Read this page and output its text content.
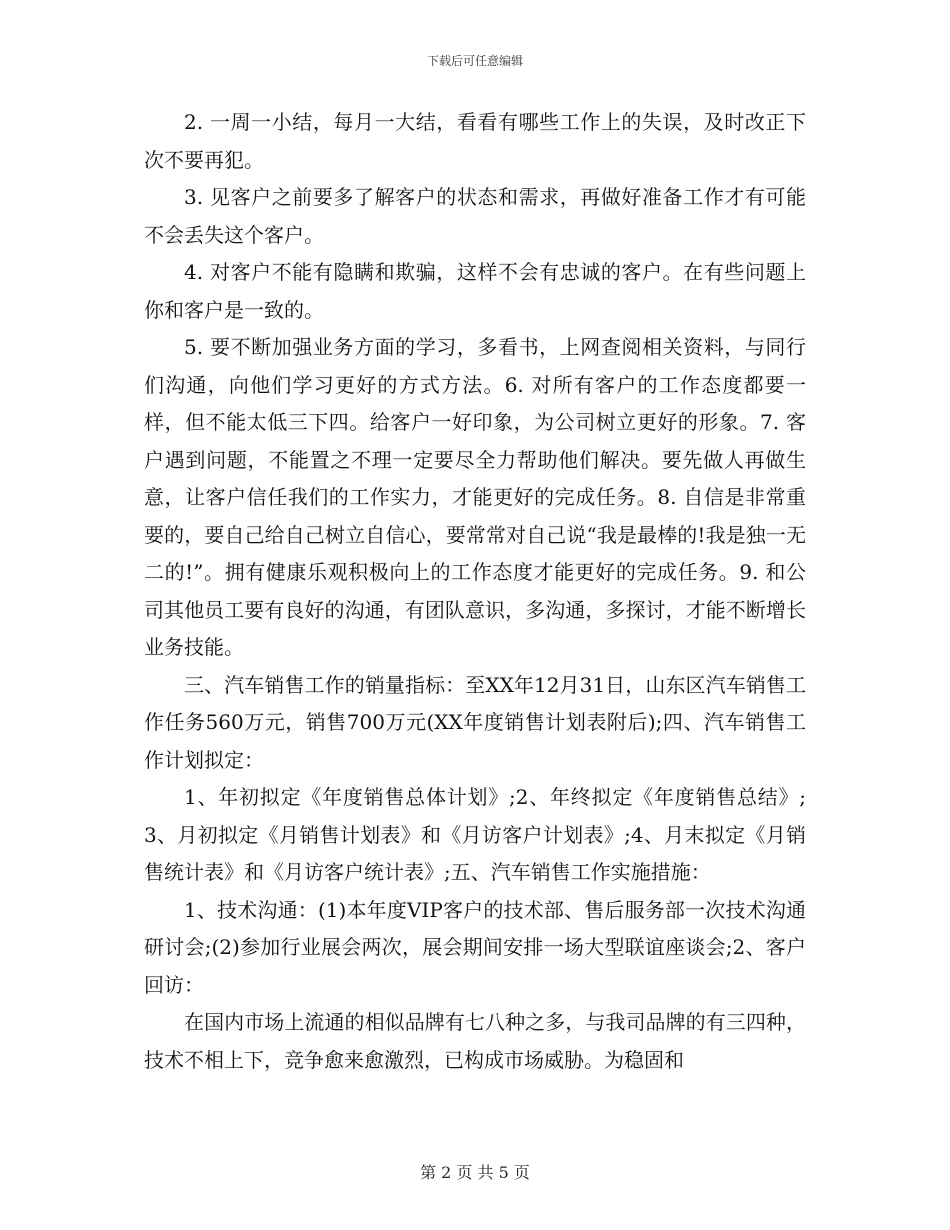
下载后可任意编辑

2. 一周一小结，每月一大结，看看有哪些工作上的失误，及时改正下次不要再犯。

3. 见客户之前要多了解客户的状态和需求，再做好准备工作才有可能不会丢失这个客户。

4. 对客户不能有隐瞒和欺骗，这样不会有忠诚的客户。在有些问题上你和客户是一致的。

5. 要不断加强业务方面的学习，多看书，上网查阅相关资料，与同行们沟通，向他们学习更好的方式方法。6. 对所有客户的工作态度都要一样，但不能太低三下四。给客户一好印象，为公司树立更好的形象。7. 客户遇到问题，不能置之不理一定要尽全力帮助他们解决。要先做人再做生意，让客户信任我们的工作实力，才能更好的完成任务。8. 自信是非常重要的，要自己给自己树立自信心，要常常对自己说“我是最棒的!我是独一无二的!”。拥有健康乐观积极向上的工作态度才能更好的完成任务。9. 和公司其他员工要有良好的沟通，有团队意识，多沟通，多探讨，才能不断增长业务技能。

三、汽车销售工作的销量指标：至XX年12月31日，山东区汽车销售工作任务560万元，销售700万元(XX年度销售计划表附后);四、汽车销售工作计划拟定：

1、年初拟定《年度销售总体计划》;2、年终拟定《年度销售总结》;3、月初拟定《月销售计划表》和《月访客户计划表》;4、月末拟定《月销售统计表》和《月访客户统计表》;五、汽车销售工作实施措施：

1、技术沟通：(1)本年度VIP客户的技术部、售后服务部一次技术沟通研讨会;(2)参加行业展会两次，展会期间安排一场大型联谊座谈会;2、客户回访：

在国内市场上流通的相似品牌有七八种之多，与我司品牌的有三四种，技术不相上下，竞争愈来愈激烈，已构成市场威胁。为稳固和

第 2 页 共 5 页
